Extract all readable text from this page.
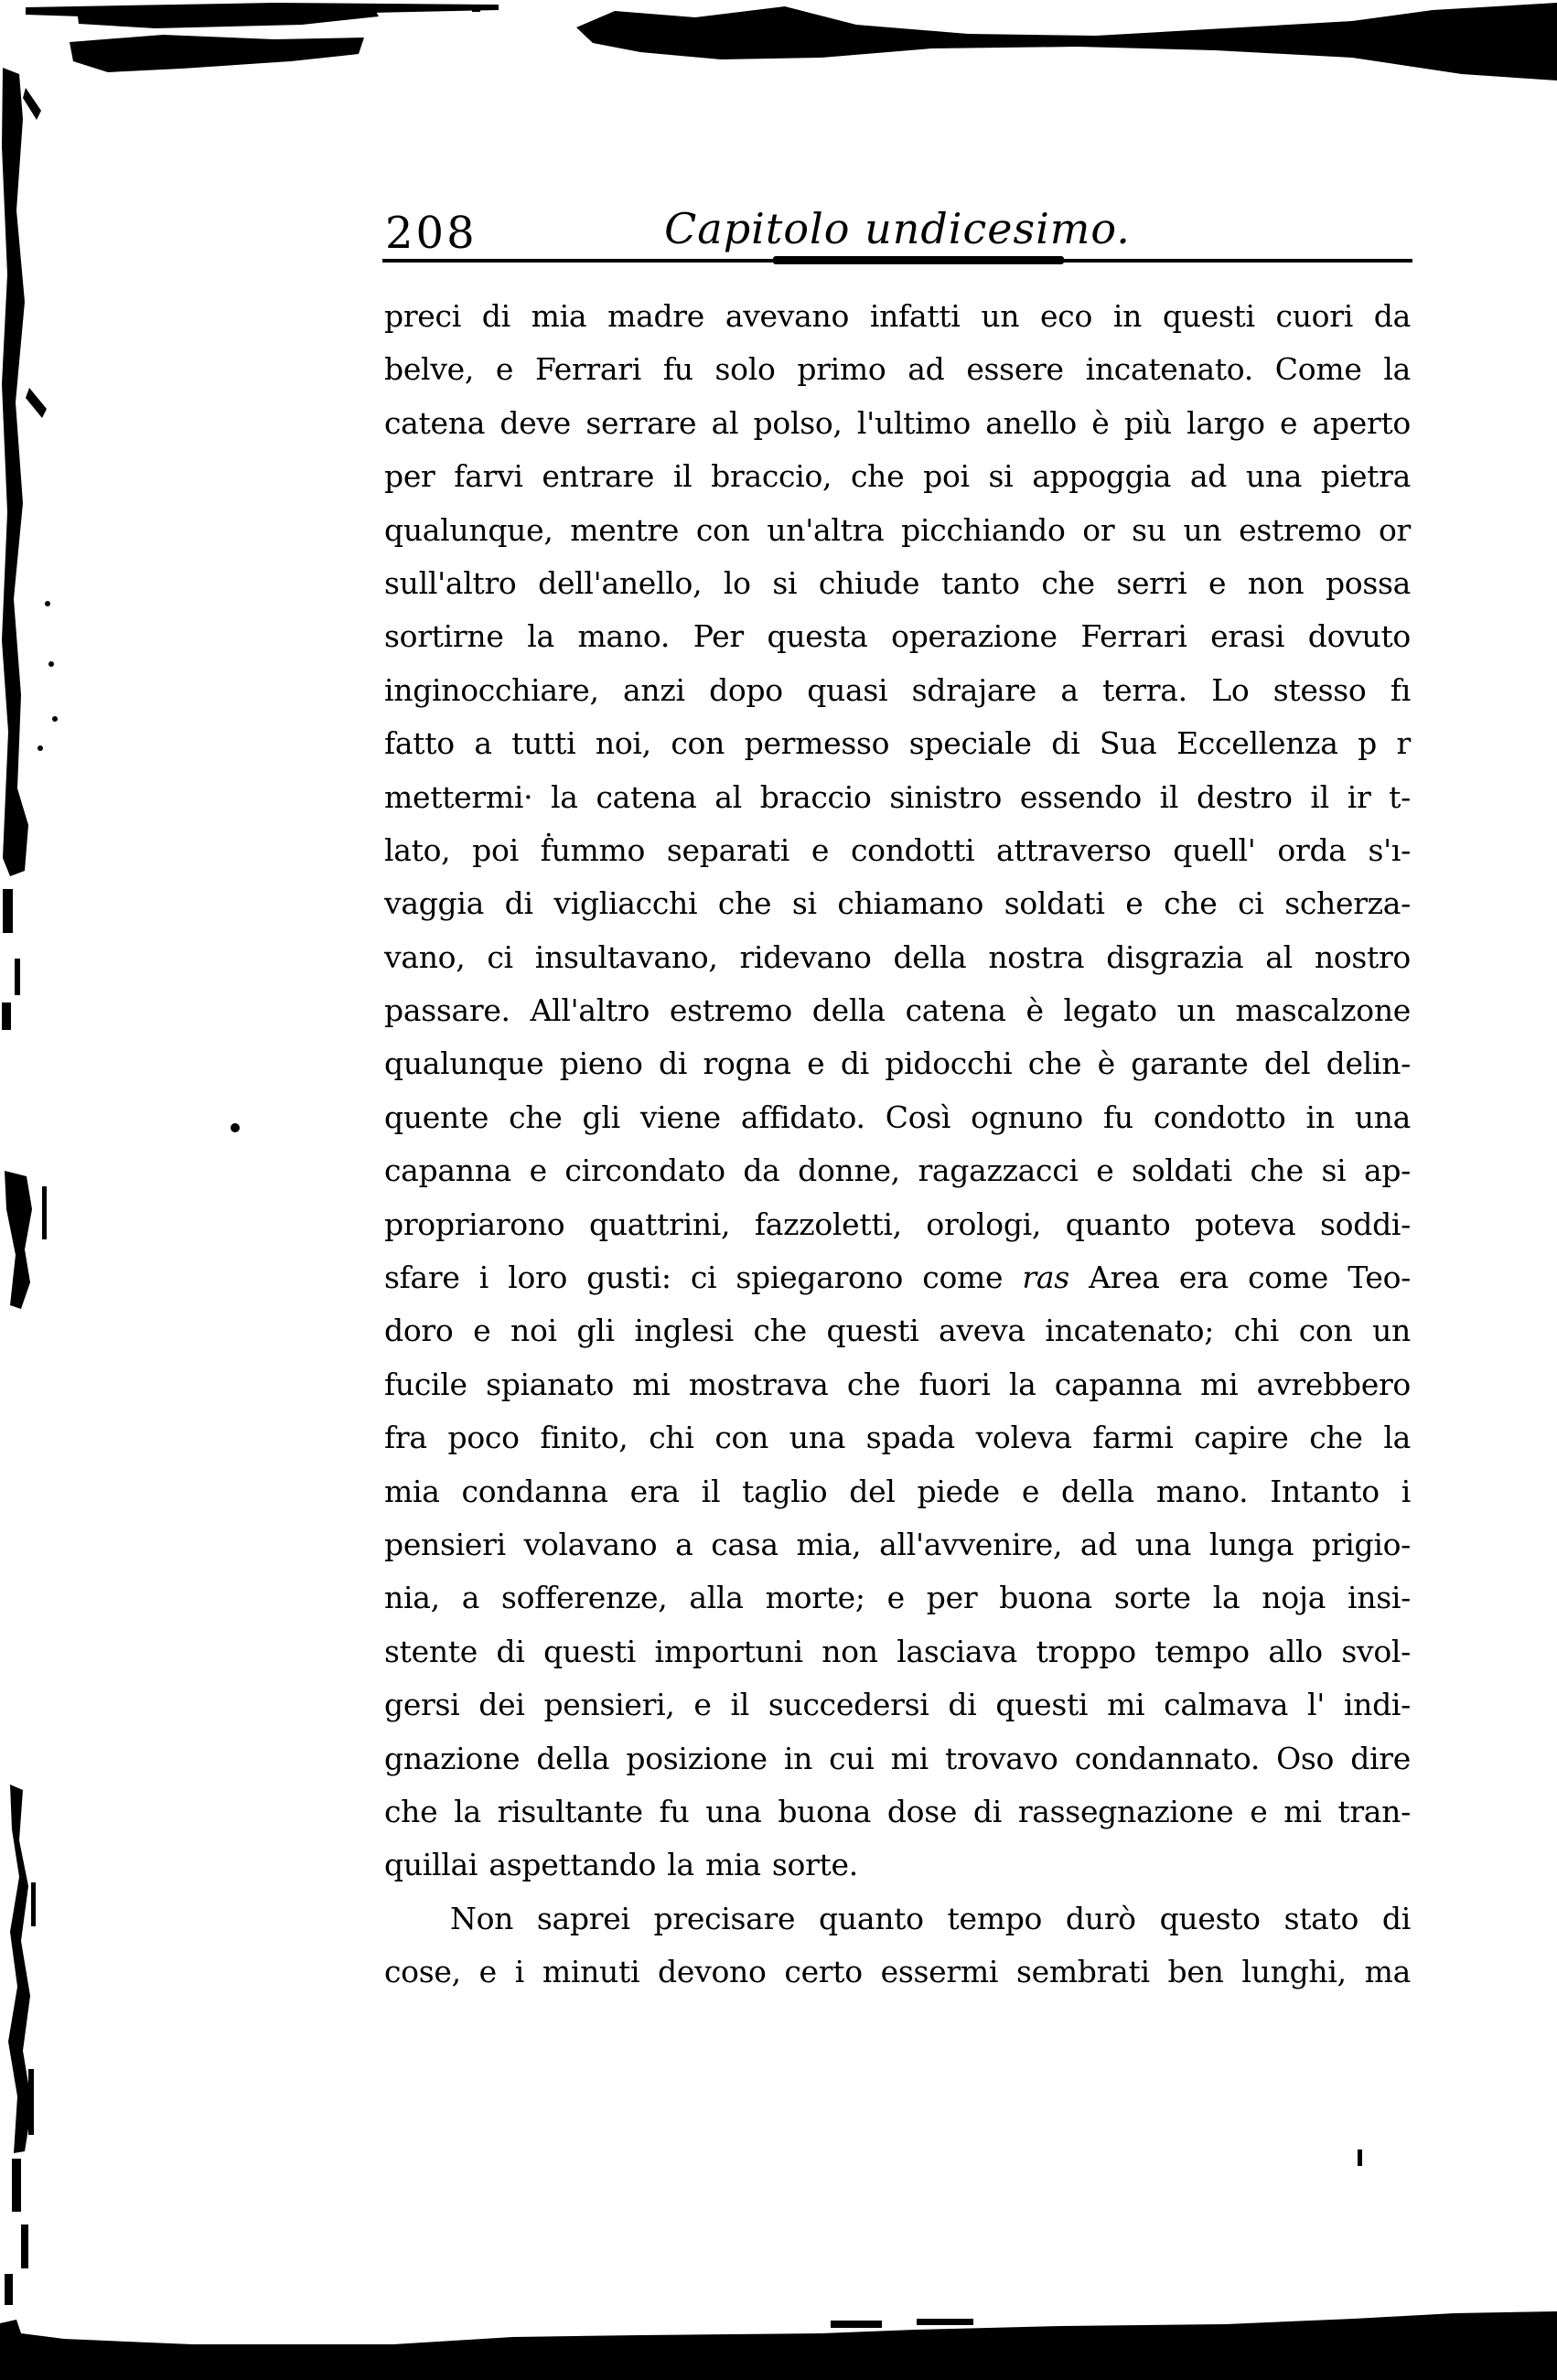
208	Capitolo undicesimo.
preci di mia madre avevano infatti un eco in questi cuori da
belve, e Ferrari fu solo primo ad essere incatenato. Come la
catena deve serrare al polso, l'ultimo anello è più largo e aperto
per farvi entrare il braccio, che poi si appoggia ad una pietra
qualunque, mentre con un'altra picchiando or su un estremo or
sull'altro dell'anello, lo si chiude tanto che serri e non possa
sortirne la mano. Per questa operazione Ferrari erasi dovuto
inginocchiare, anzi dopo quasi sdrajare a terra. Lo stesso fı
fatto a tutti noi, con permesso speciale di Sua Eccellenza p r
mettermi· la catena al braccio sinistro essendo il destro il ir t-
lato, poi ḟummo separati e condotti attraverso quell' orda s'ı-
vaggia di vigliacchi che si chiamano soldati e che ci scherza-
vano, ci insultavano, ridevano della nostra disgrazia al nostro
passare. All'altro estremo della catena è legato un mascalzone
qualunque pieno di rogna e di pidocchi che è garante del delin-
quente che gli viene affidato. Così ognuno fu condotto in una
capanna e circondato da donne, ragazzacci e soldati che si ap-
propriarono quattrini, fazzoletti, orologi, quanto poteva soddi-
sfare i loro gusti: ci spiegarono come ras Area era come Teo-
doro e noi gli inglesi che questi aveva incatenato; chi con un
fucile spianato mi mostrava che fuori la capanna mi avrebbero
fra poco finito, chi con una spada voleva farmi capire che la
mia condanna era il taglio del piede e della mano. Intanto i
pensieri volavano a casa mia, all'avvenire, ad una lunga prigio-
nia, a sofferenze, alla morte; e per buona sorte la noja insi-
stente di questi importuni non lasciava troppo tempo allo svol-
gersi dei pensieri, e il succedersi di questi mi calmava l' indi-
gnazione della posizione in cui mi trovavo condannato. Oso dire
che la risultante fu una buona dose di rassegnazione e mi tran-
quillai aspettando la mia sorte.
Non saprei precisare quanto tempo durò questo stato di
cose, e i minuti devono certo essermi sembrati ben lunghi, ma
